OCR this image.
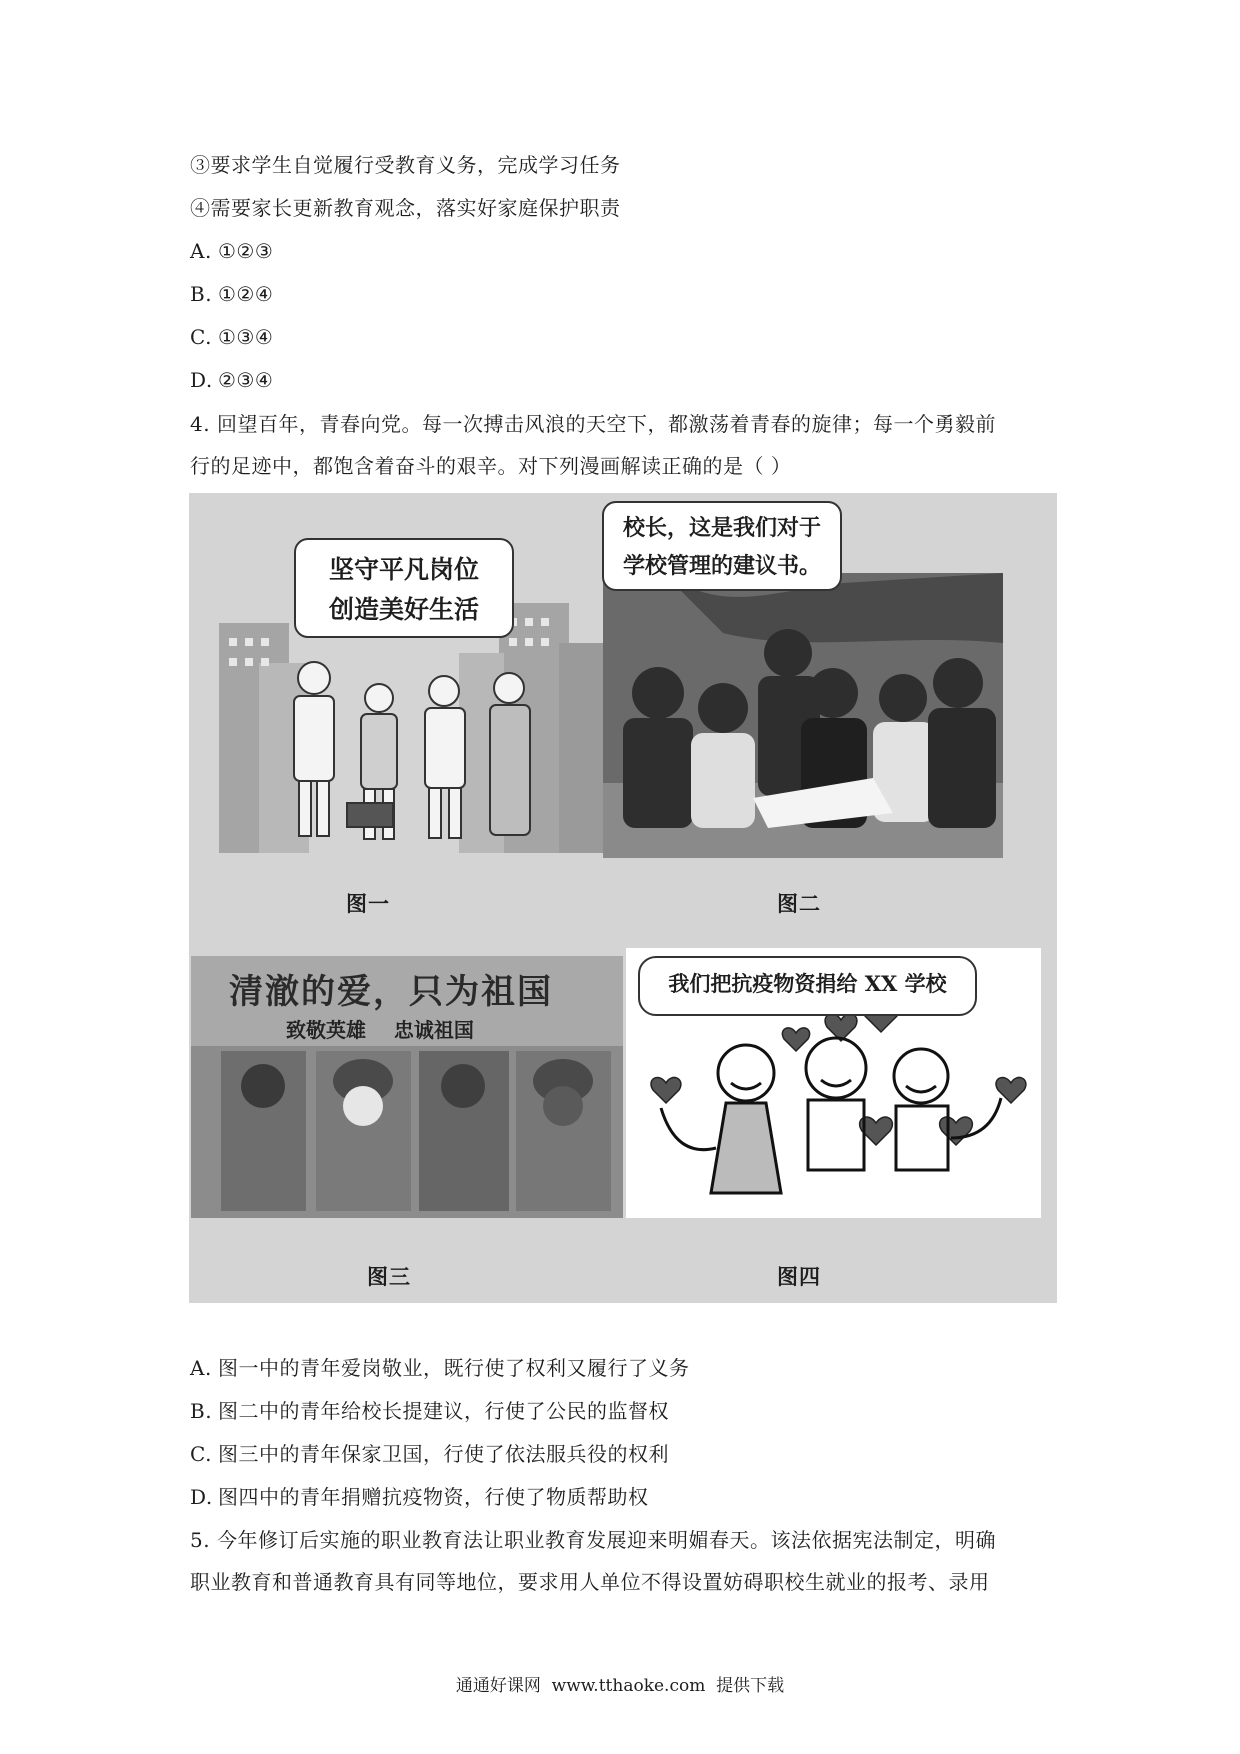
③要求学生自觉履行受教育义务，完成学习任务
④需要家长更新教育观念，落实好家庭保护职责
A. ①②③
B. ①②④
C. ①③④
D. ②③④
4. 回望百年，青春向党。每一次搏击风浪的天空下，都激荡着青春的旋律；每一个勇毅前
行的足迹中，都饱含着奋斗的艰辛。对下列漫画解读正确的是（ ）
坚守平凡岗位
创造美好生活
图一
校长，这是我们对于
学校管理的建议书。
图二
清澈的爱，只为祖国
致敬英雄    忠诚祖国
图三
我们把抗疫物资捐给 XX 学校
图四
A. 图一中的青年爱岗敬业，既行使了权利又履行了义务
B. 图二中的青年给校长提建议，行使了公民的监督权
C. 图三中的青年保家卫国，行使了依法服兵役的权利
D. 图四中的青年捐赠抗疫物资，行使了物质帮助权
5. 今年修订后实施的职业教育法让职业教育发展迎来明媚春天。该法依据宪法制定，明确
职业教育和普通教育具有同等地位，要求用人单位不得设置妨碍职校生就业的报考、录用
通通好课网  www.tthaoke.com  提供下载
